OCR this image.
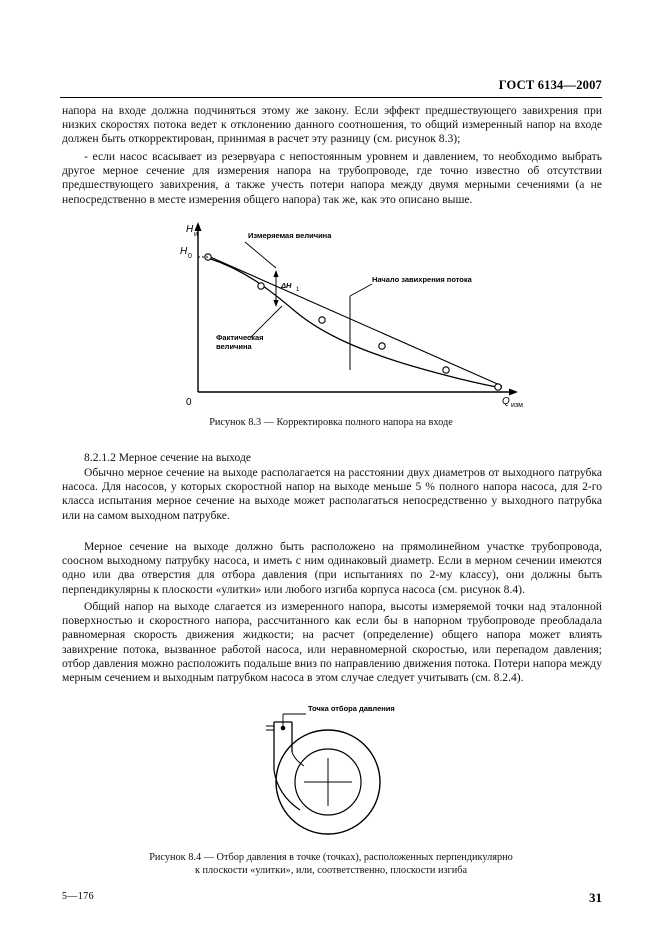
ГОСТ 6134—2007
напора на входе должна подчиняться этому же закону. Если эффект предшествующего завихрения при низких скоростях потока ведет к отклонению данного соотношения, то общий измеренный напор на входе должен быть откорректирован, принимая в расчет эту разницу (см. рисунок 8.3);
- если насос всасывает из резервуара с непостоянным уровнем и давлением, то необходимо выбрать другое мерное сечение для измерения напора на трубопроводе, где точно известно об отсутствии предшествующего завихрения, а также учесть потери напора между двумя мерными сечениями (а не непосредственно в месте измерения общего напора) так же, как это описано выше.
H и
H 0
0	Q изм
Измеряемая величина
ΔH 1
Начало завихрения потока
Фактическая
величина
Рисунок 8.3 — Корректировка полного напора на входе
8.2.1.2 Мерное сечение на выходе
Обычно мерное сечение на выходе располагается на расстоянии двух диаметров от выходного патрубка насоса. Для насосов, у которых скоростной напор на выходе меньше 5 % полного напора насоса, для 2-го класса испытания мерное сечение на выходе может располагаться непосредственно у выходного патрубка или на самом выходном патрубке.
Мерное сечение на выходе должно быть расположено на прямолинейном участке трубопровода, соосном выходному патрубку насоса, и иметь с ним одинаковый диаметр. Если в мерном сечении имеются одно или два отверстия для отбора давления (при испытаниях по 2-му классу), они должны быть перпендикулярны к плоскости «улитки» или любого изгиба корпуса насоса (см. рисунок 8.4).
Общий напор на выходе слагается из измеренного напора, высоты измеряемой точки над эталонной поверхностью и скоростного напора, рассчитанного как если бы в напорном трубопроводе преобладала равномерная скорость движения жидкости; на расчет (определение) общего напора может влиять завихрение потока, вызванное работой насоса, или неравномерной скоростью, или перепадом давления; отбор давления можно расположить подальше вниз по направлению движения потока. Потери напора между мерным сечением и выходным патрубком насоса в этом случае следует учитывать (см. 8.2.4).
Точка отбора давления
Рисунок 8.4 — Отбор давления в точке (точках), расположенных перпендикулярно
к плоскости «улитки», или, соответственно, плоскости изгиба
5—176	31
